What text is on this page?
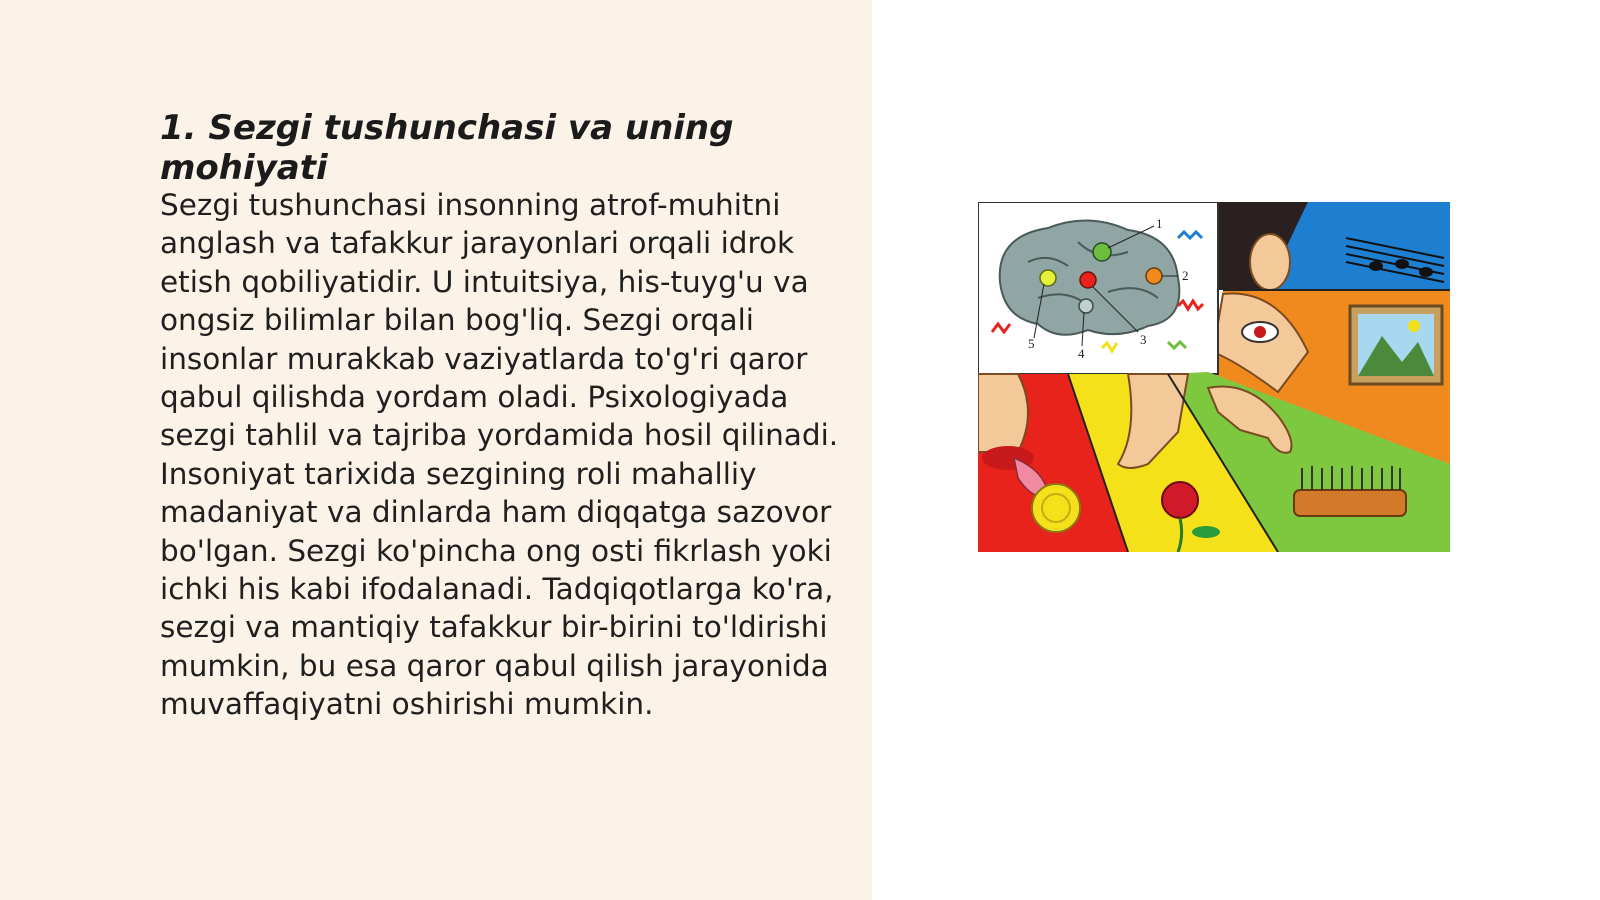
1. Sezgi tushunchasi va uning mohiyati

Sezgi tushunchasi insonning atrof-muhitni anglash va tafakkur jarayonlari orqali idrok etish qobiliyatidir. U intuitsiya, his-tuyg'u va ongsiz bilimlar bilan bog'liq. Sezgi orqali insonlar murakkab vaziyatlarda to'g'ri qaror qabul qilishda yordam oladi. Psixologiyada sezgi tahlil va tajriba yordamida hosil qilinadi. Insoniyat tarixida sezgining roli mahalliy madaniyat va dinlarda ham diqqatga sazovor bo'lgan. Sezgi ko'pincha ong osti fikrlash yoki ichki his kabi ifodalanadi. Tadqiqotlarga ko'ra, sezgi va mantiqiy tafakkur bir-birini to'ldirishi mumkin, bu esa qaror qabul qilish jarayonida muvaffaqiyatni oshirishi mumkin.

1
2
3
4
5
